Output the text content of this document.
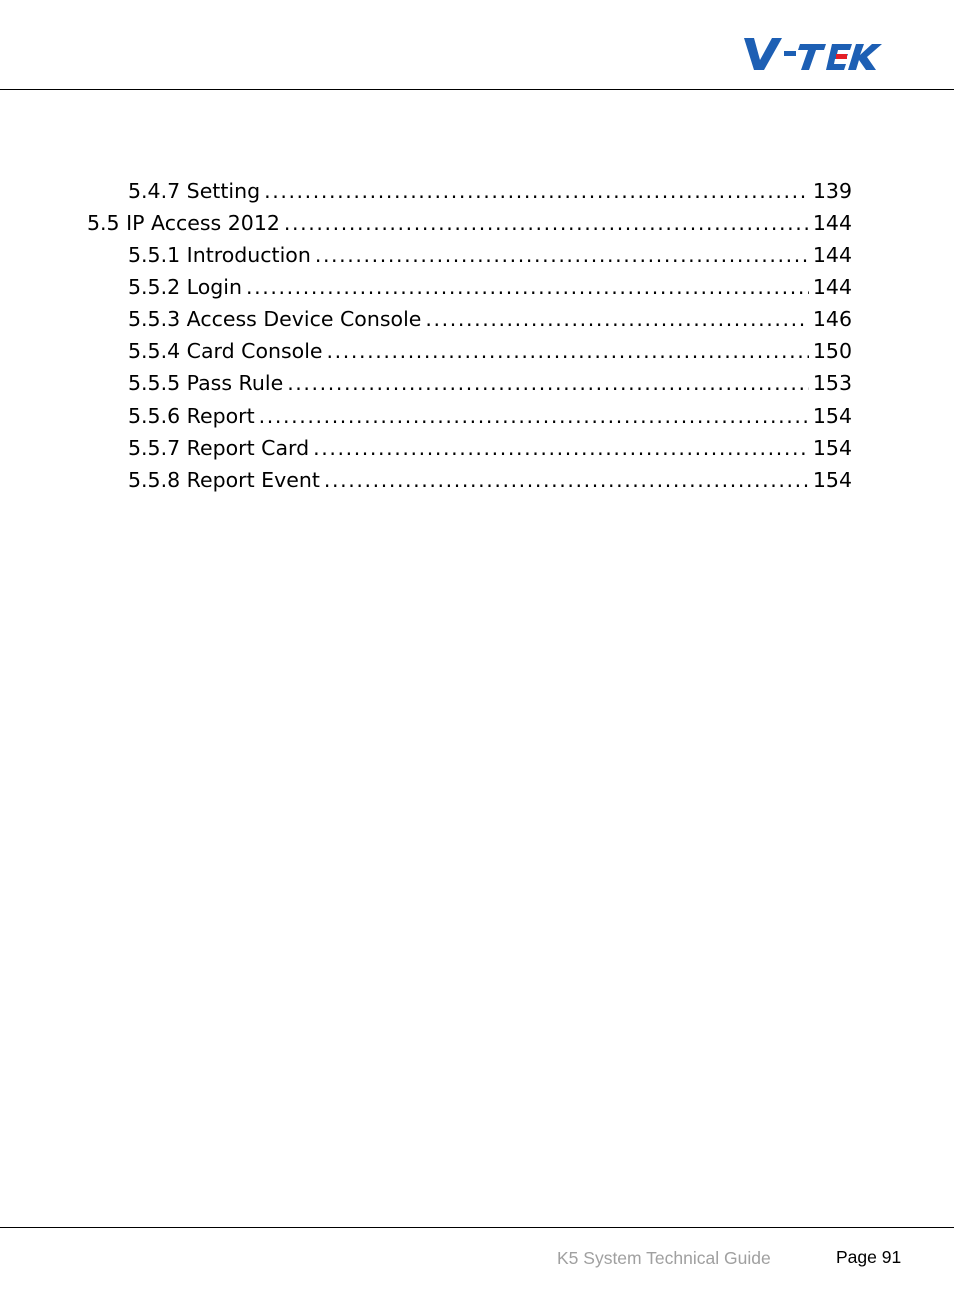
5.4.7 Setting .....	139
5.5 IP Access 2012 .....	144
5.5.1 Introduction .....	144
5.5.2 Login .....	144
5.5.3 Access Device Console .....	146
5.5.4 Card Console .....	150
5.5.5 Pass Rule .....	153
5.5.6 Report .....	154
5.5.7 Report Card .....	154
5.5.8 Report Event .....	154
K5 System Technical Guide	Page 91
